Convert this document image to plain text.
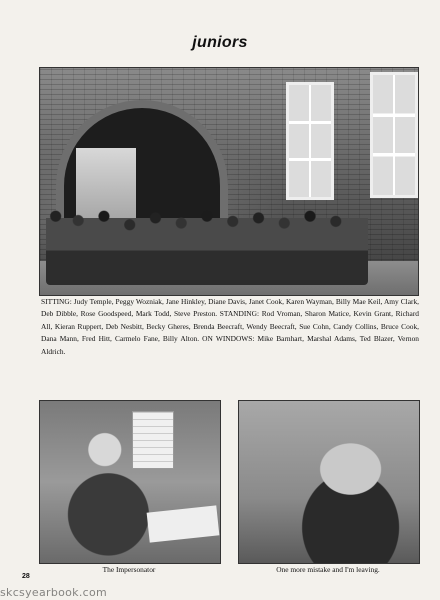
juniors
SITTING: Judy Temple, Peggy Wozniak, Jane Hinkley, Diane Davis, Janet Cook, Karen Wayman, Billy Mae Keil, Amy Clark, Deb Dibble, Rose Goodspeed, Mark Todd, Steve Preston. STANDING: Rod Vroman, Sharon Matice, Kevin Grant, Richard All, Kieran Ruppert, Deb Nesbitt, Becky Gheres, Brenda Beecraft, Wendy Beecraft, Sue Cohn, Candy Collins, Bruce Cook, Dana Mann, Fred Hitt, Carmelo Fane, Billy Alton. ON WINDOWS: Mike Barnhart, Marshal Adams, Ted Blazer, Vernon Aldrich.
The Impersonator	One more mistake and I'm leaving.
28
skcsyearbook.com
